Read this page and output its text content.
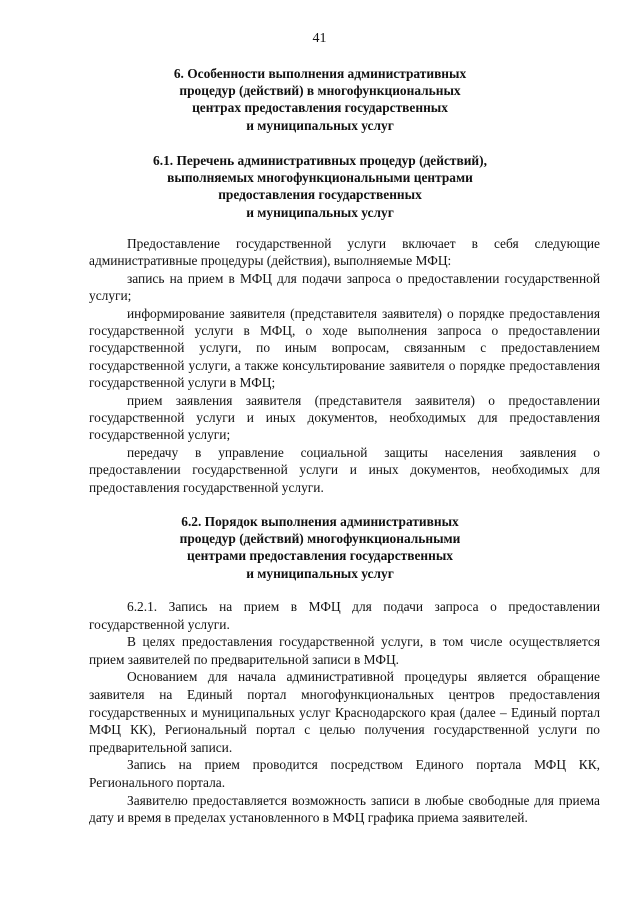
41
6. Особенности выполнения административных
процедур (действий) в многофункциональных
центрах предоставления государственных
и муниципальных услуг
6.1. Перечень административных процедур (действий),
выполняемых многофункциональными центрами
предоставления государственных
и муниципальных услуг

Предоставление государственной услуги включает в себя следующие административные процедуры (действия), выполняемые МФЦ:

запись на прием в МФЦ для подачи запроса о предоставлении государственной услуги;

информирование заявителя (представителя заявителя) о порядке предоставления государственной услуги в МФЦ, о ходе выполнения запроса о предоставлении государственной услуги, по иным вопросам, связанным с предоставлением государственной услуги, а также консультирование заявителя о порядке предоставления государственной услуги в МФЦ;

прием заявления заявителя (представителя заявителя) о предоставлении государственной услуги и иных документов, необходимых для предоставления государственной услуги;

передачу в управление социальной защиты населения заявления о предоставлении государственной услуги и иных документов, необходимых для предоставления государственной услуги.

6.2. Порядок выполнения административных
процедур (действий) многофункциональными
центрами предоставления государственных
и муниципальных услуг

6.2.1. Запись на прием в МФЦ для подачи запроса о предоставлении государственной услуги.

В целях предоставления государственной услуги, в том числе осуществляется прием заявителей по предварительной записи в МФЦ.

Основанием для начала административной процедуры является обращение заявителя на Единый портал многофункциональных центров предоставления государственных и муниципальных услуг Краснодарского края (далее – Единый портал МФЦ КК), Региональный портал с целью получения государственной услуги по предварительной записи.

Запись на прием проводится посредством Единого портала МФЦ КК, Регионального портала.

Заявителю предоставляется возможность записи в любые свободные для приема дату и время в пределах установленного в МФЦ графика приема заявителей.
